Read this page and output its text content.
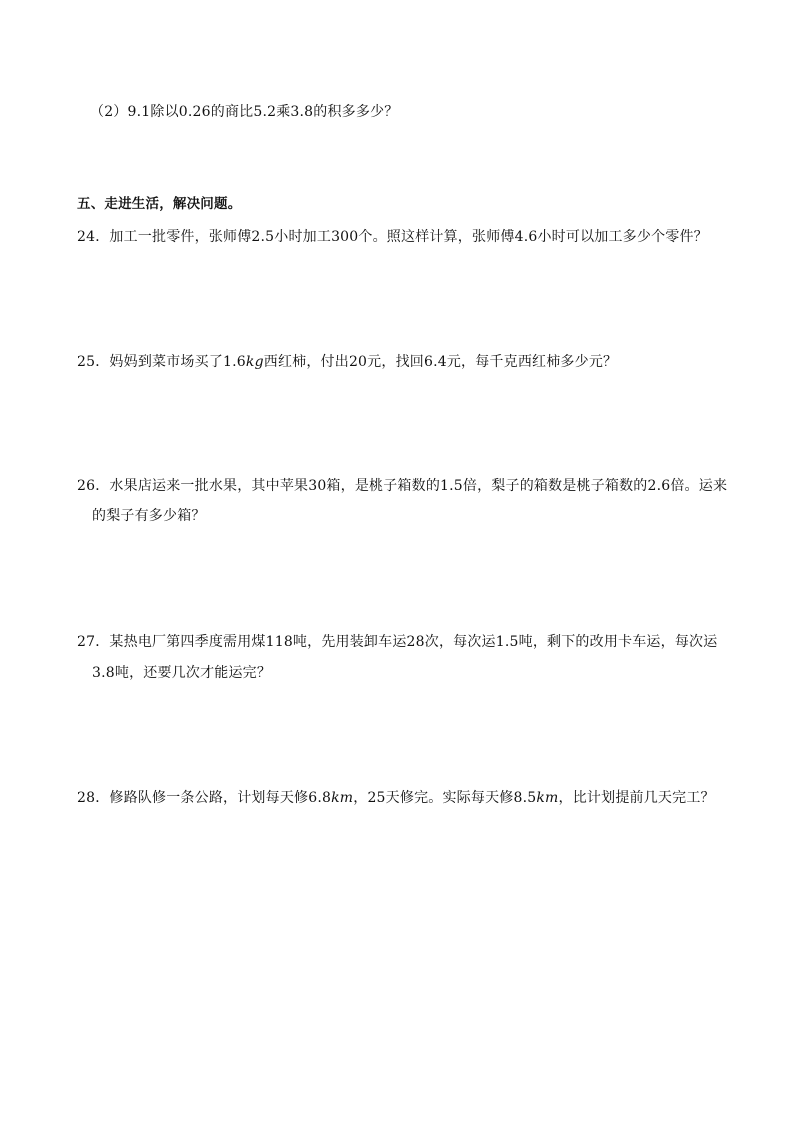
（2）9.1除以0.26的商比5.2乘3.8的积多多少？
五、走进生活，解决问题。
24．加工一批零件，张师傅2.5小时加工300个。照这样计算，张师傅4.6小时可以加工多少个零件？
25．妈妈到菜市场买了1.6kg西红柿，付出20元，找回6.4元，每千克西红柿多少元？
26．水果店运来一批水果，其中苹果30箱，是桃子箱数的1.5倍，梨子的箱数是桃子箱数的2.6倍。运来
的梨子有多少箱？
27．某热电厂第四季度需用煤118吨，先用装卸车运28次，每次运1.5吨，剩下的改用卡车运，每次运
3.8吨，还要几次才能运完？
28．修路队修一条公路，计划每天修6.8km，25天修完。实际每天修8.5km，比计划提前几天完工？
